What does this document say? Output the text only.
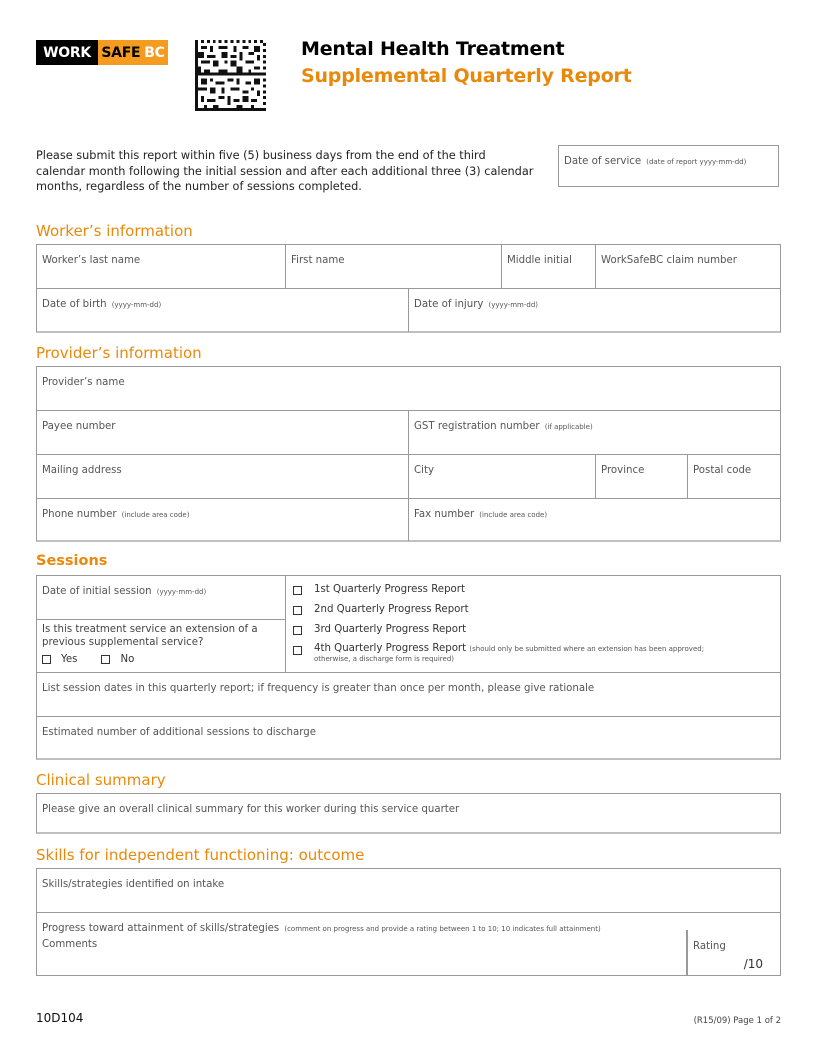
WORK SAFE BC	Mental Health Treatment
Supplemental Quarterly Report
Please submit this report within five (5) business days from the end of the third calendar month following the initial session and after each additional three (3) calendar months, regardless of the number of sessions completed.
Date of service (date of report yyyy-mm-dd)
Worker’s information
Worker’s last name	First name	Middle initial	WorkSafeBC claim number
Date of birth (yyyy-mm-dd)	Date of injury (yyyy-mm-dd)
Provider’s information
Provider’s name
Payee number	GST registration number (if applicable)
Mailing address	City	Province	Postal code
Phone number (include area code)	Fax number (include area code)
Sessions
Date of initial session (yyyy-mm-dd)
Is this treatment service an extension of a previous supplemental service?
Yes	No
1st Quarterly Progress Report
2nd Quarterly Progress Report
3rd Quarterly Progress Report
4th Quarterly Progress Report (should only be submitted where an extension has been approved;
otherwise, a discharge form is required)
List session dates in this quarterly report; if frequency is greater than once per month, please give rationale
Estimated number of additional sessions to discharge
Clinical summary
Please give an overall clinical summary for this worker during this service quarter
Skills for independent functioning: outcome
Skills/strategies identified on intake
Progress toward attainment of skills/strategies (comment on progress and provide a rating between 1 to 10; 10 indicates full attainment)
Comments	Rating
/10
10D104	(R15/09) Page 1 of 2
